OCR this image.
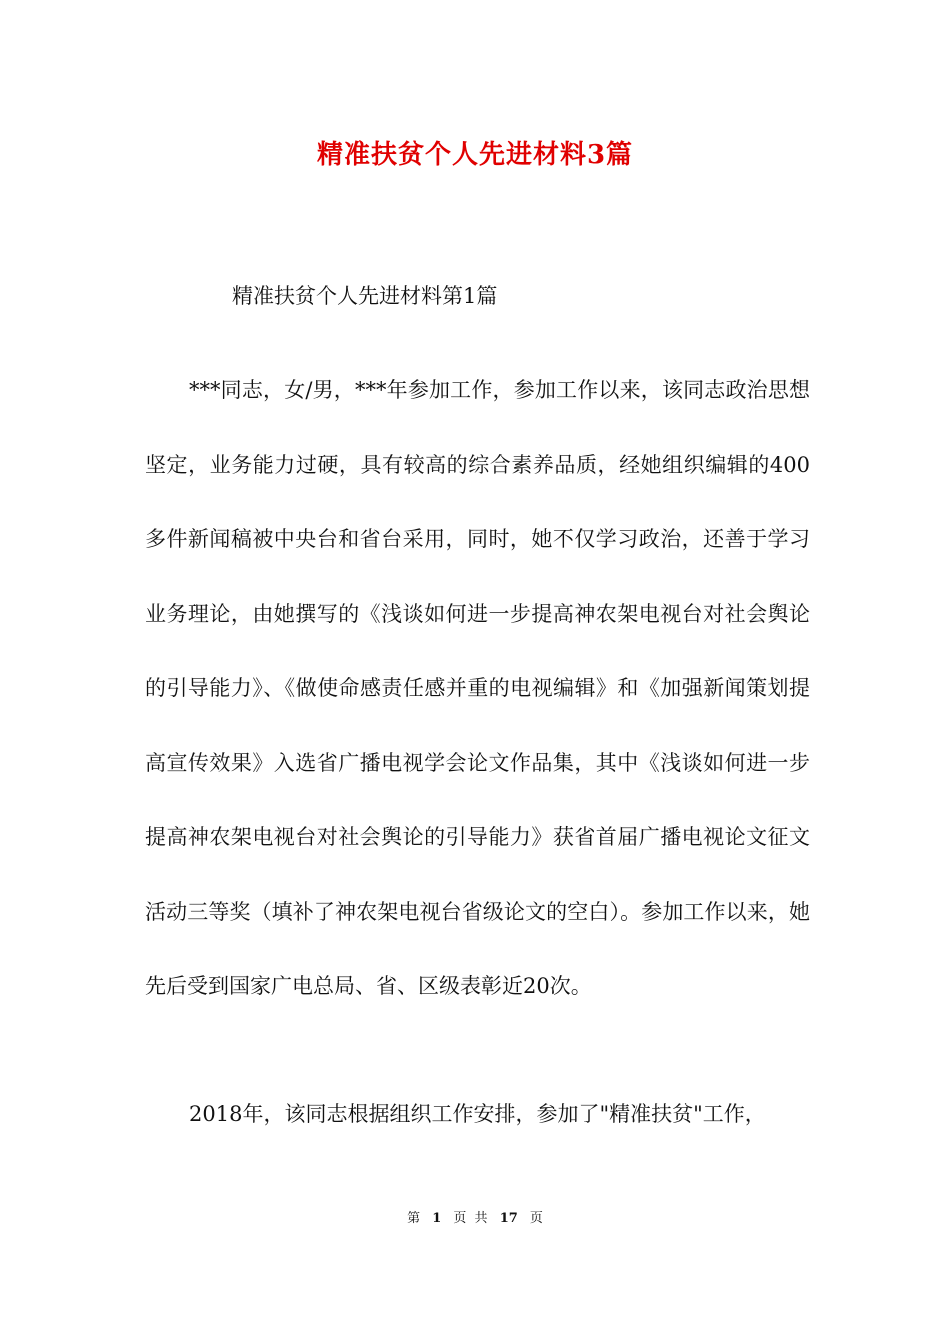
精准扶贫个人先进材料3篇
精准扶贫个人先进材料第1篇

***同志，女/男，***年参加工作，参加工作以来，该同志政治思想坚定，业务能力过硬，具有较高的综合素养品质，经她组织编辑的400多件新闻稿被中央台和省台采用，同时，她不仅学习政治，还善于学习业务理论，由她撰写的《浅谈如何进一步提高神农架电视台对社会舆论的引导能力》、《做使命感责任感并重的电视编辑》和《加强新闻策划提高宣传效果》入选省广播电视学会论文作品集，其中《浅谈如何进一步提高神农架电视台对社会舆论的引导能力》获省首届广播电视论文征文活动三等奖（填补了神农架电视台省级论文的空白）。参加工作以来，她先后受到国家广电总局、省、区级表彰近20次。

2018年，该同志根据组织工作安排，参加了"精准扶贫"工作，

第 1 页 共 17 页
